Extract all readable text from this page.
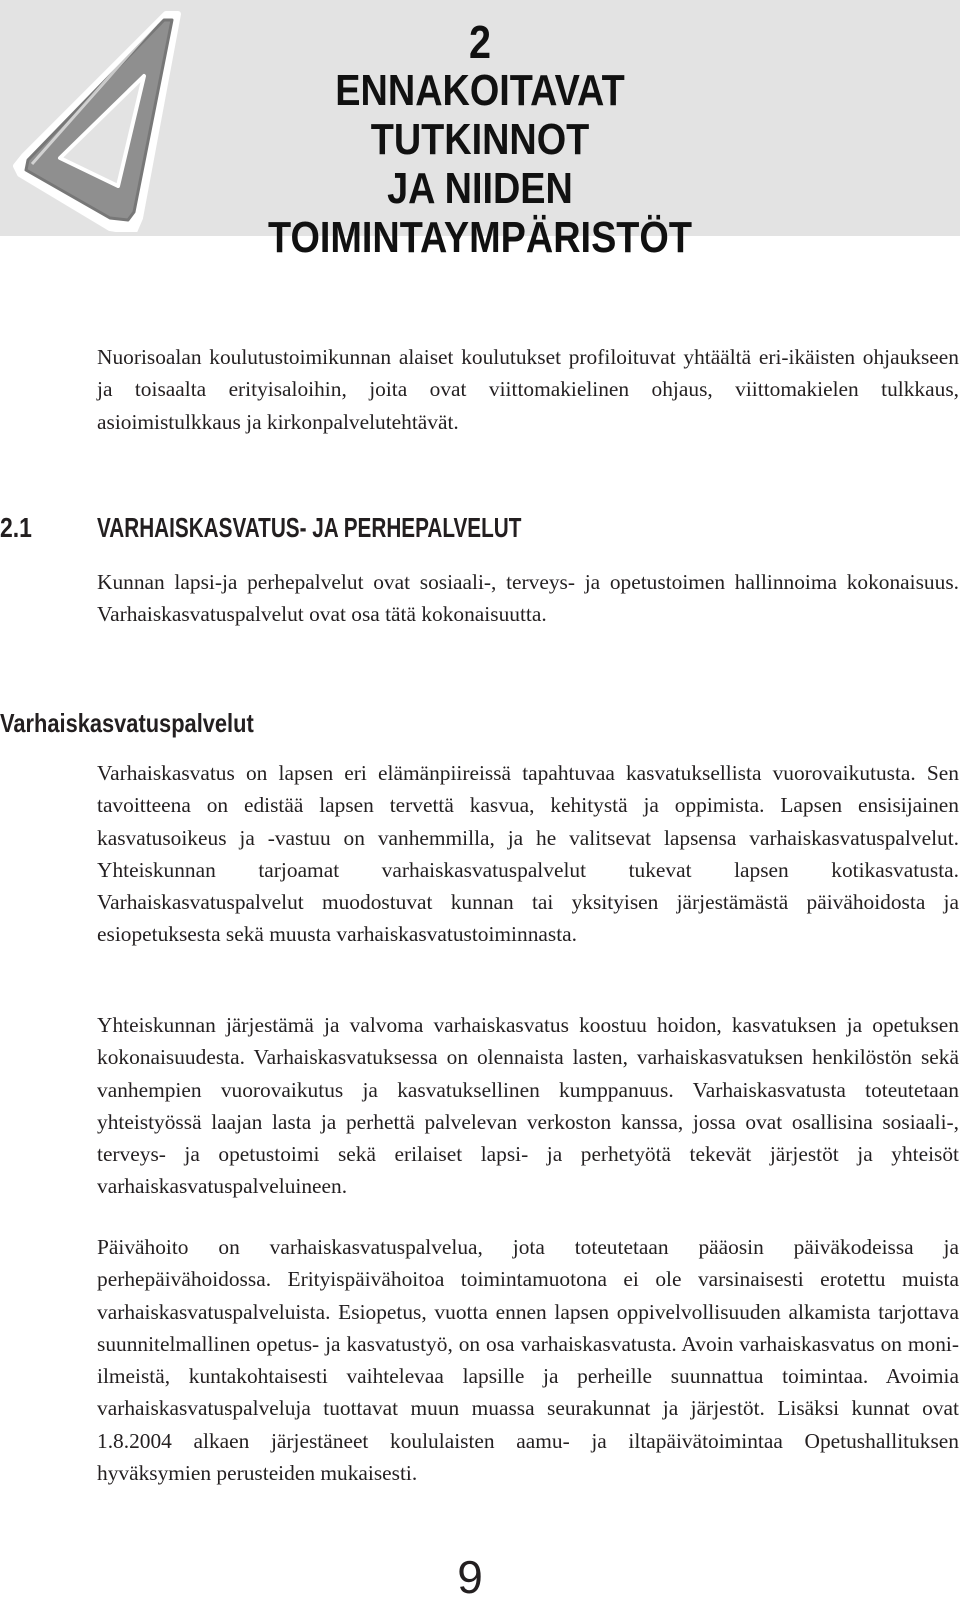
2

ENNAKOITAVAT TUTKINNOT

JA NIIDEN

TOIMINTAYMPÄRISTÖT

Nuorisoalan koulutustoimikunnan alaiset koulutukset profiloituvat yhtäältä eri-ikäisten ohjaukseen ja toisaalta erityisaloihin, joita ovat viittomakielinen ohjaus, viittomakielen tulkkaus, asioimistulkkaus ja kirkonpalvelutehtävät.

2.1 VARHAISKASVATUS- JA PERHEPALVELUT

Kunnan lapsi-ja perhepalvelut ovat sosiaali-, terveys- ja opetustoimen hallinnoima kokonaisuus. Varhaiskasvatuspalvelut ovat osa tätä kokonaisuutta.

Varhaiskasvatuspalvelut

Varhaiskasvatus on lapsen eri elämänpiireissä tapahtuvaa kasvatuksellista vuorovaikutusta. Sen tavoitteena on edistää lapsen tervettä kasvua, kehitystä ja oppimista. Lapsen ensisijainen kasvatusoikeus ja -vastuu on vanhemmilla, ja he valitsevat lapsensa varhaiskasvatuspalvelut. Yhteiskunnan tarjoamat varhaiskasvatuspalvelut tukevat lapsen kotikasvatusta. Varhaiskasvatuspalvelut muodostuvat kunnan tai yksityisen järjestämästä päivähoidosta ja esiopetuksesta sekä muusta varhaiskasvatustoiminnasta.

Yhteiskunnan järjestämä ja valvoma varhaiskasvatus koostuu hoidon, kasvatuksen ja opetuksen kokonaisuudesta. Varhaiskasvatuksessa on olennaista lasten, varhaiskasvatuksen henkilöstön sekä vanhempien vuorovaikutus ja kasvatuksellinen kumppanuus. Varhaiskasvatusta toteutetaan yhteistyössä laajan lasta ja perhettä palvelevan verkoston kanssa, jossa ovat osallisina sosiaali-, terveys- ja opetustoimi sekä erilaiset lapsi- ja perhetyötä tekevät järjestöt ja yhteisöt varhaiskasvatuspalveluineen.

Päivähoito on varhaiskasvatuspalvelua, jota toteutetaan pääosin päiväkodeissa ja perhepäivähoidossa. Erityispäivähoitoa toimintamuotona ei ole varsinaisesti erotettu muista varhaiskasvatuspalveluista. Esiopetus, vuotta ennen lapsen oppivelvollisuuden alkamista tarjottava suunnitelmallinen opetus- ja kasvatustyö, on osa varhaiskasvatusta. Avoin varhaiskasvatus on moni-ilmeistä, kuntakohtaisesti vaihtelevaa lapsille ja perheille suunnattua toimintaa. Avoimia varhaiskasvatuspalveluja tuottavat muun muassa seurakunnat ja järjestöt. Lisäksi kunnat ovat 1.8.2004 alkaen järjestäneet koululaisten aamu- ja iltapäivätoimintaa Opetushallituksen hyväksymien perusteiden mukaisesti.

9
